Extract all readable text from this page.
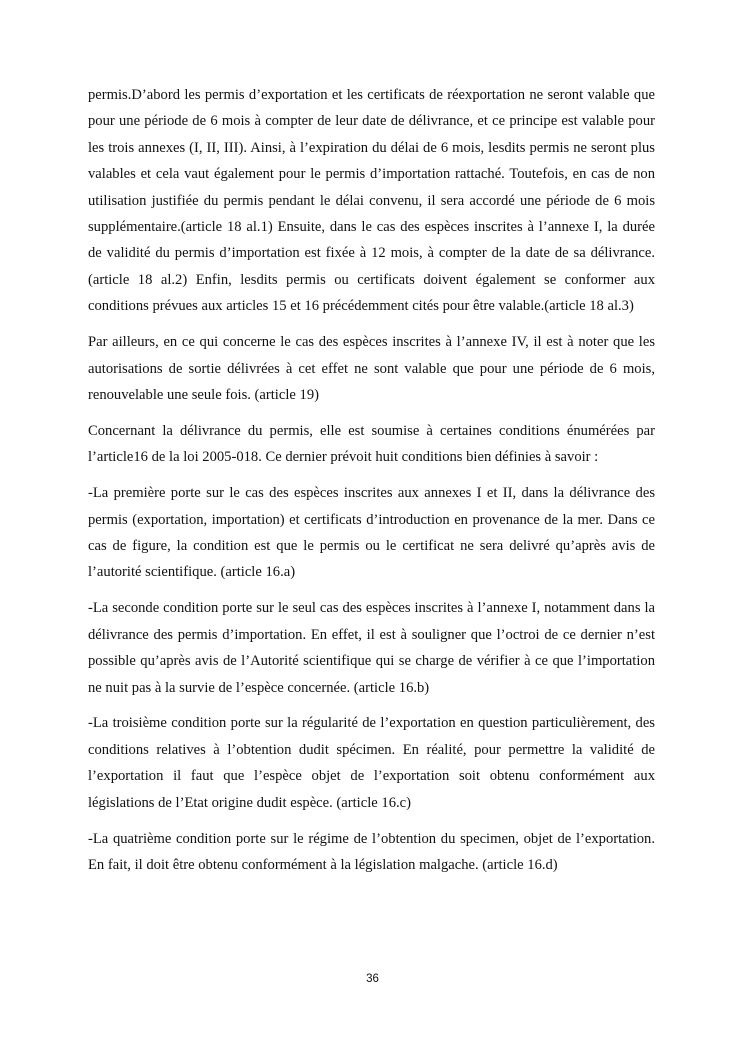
permis.D’abord les permis d’exportation et les certificats de réexportation ne seront valable que pour une période de 6 mois à compter de leur date de délivrance, et ce principe est valable pour les trois annexes (I, II, III). Ainsi, à l’expiration du délai de 6 mois, lesdits permis ne seront plus valables et cela vaut également pour le permis d’importation rattaché. Toutefois, en cas de non utilisation justifiée du permis pendant le délai convenu, il sera accordé une période de 6 mois supplémentaire.(article 18 al.1) Ensuite, dans le cas des espèces inscrites à l’annexe I, la durée de validité du permis d’importation est fixée à 12 mois, à compter de la date de sa délivrance. (article 18 al.2) Enfin, lesdits permis ou certificats doivent également se conformer aux conditions prévues aux articles 15 et 16 précédemment cités pour être valable.(article 18 al.3)

Par ailleurs, en ce qui concerne le cas des espèces inscrites à l’annexe IV, il est à noter que les autorisations de sortie délivrées à cet effet ne sont valable que pour une période de 6 mois, renouvelable une seule fois. (article 19)

Concernant la délivrance du permis, elle est soumise à certaines conditions énumérées par l’article16 de la loi 2005-018. Ce dernier prévoit huit conditions bien définies à savoir :

-La première porte sur le cas des espèces inscrites aux annexes I et II, dans la délivrance des permis (exportation, importation) et certificats d’introduction en provenance de la mer. Dans ce cas de figure, la condition est que le permis ou le certificat ne sera delivré qu’après avis de l’autorité scientifique. (article 16.a)

-La seconde condition porte sur le seul cas des espèces inscrites à l’annexe I, notamment dans la délivrance des permis d’importation. En effet, il est à souligner que l’octroi de ce dernier n’est possible qu’après avis de l’Autorité scientifique qui se charge de vérifier à ce que l’importation ne nuit pas à la survie de l’espèce concernée. (article 16.b)

-La troisième condition porte sur la régularité de l’exportation en question particulièrement, des conditions relatives à l’obtention dudit spécimen. En réalité, pour permettre la validité de l’exportation il faut que l’espèce objet de l’exportation soit obtenu conformément aux législations de l’Etat origine dudit espèce. (article 16.c)

-La quatrième condition porte sur le régime de l’obtention du specimen, objet de l’exportation. En fait, il doit être obtenu conformément à la législation malgache. (article 16.d)

36
